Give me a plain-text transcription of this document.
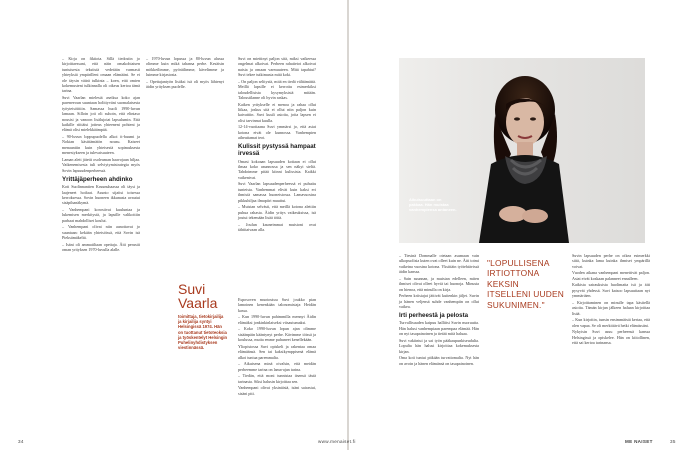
– Kirja on fiktiota. Sillä tiedostin jo kirjoittaessani, että näin omakohtaisen tuntuisesta tekstistä vedetään varmasti yhteyksiä ympärilleni omaan elämääni. Se ei ole täysin väärä tulkinta – koen, että omien kokemusteni tulkinnalla oli oikeus kertoa tämä tarina.

Suvi Vaarlan mielestä aseiksa koko ajan pareneeoun suuntaan holittyväni suomalaisesta työyteisöittiin. Samassa huoli 1990-luvun lamaan. Silloin joti oli suhoin, että elintaso nousisi ja vanoon lisälujoiat lapsulumin. Että kaikille riittäisi jotteus yhteeneni pohteni ja elämä olisi mielekkäämpää.

– 90-luvun loppupuolella alkoi it-buumi ja Nokian käsittämätön nousu. Kaiseet menaantiin kuin yhteisestä sopimuksesta menestykseen ja tulevaisuuteen.

Laman alett jätetit osoleuman haavojaan hiljaa. Vaikenemisesta tuli selviytymistrategia myös Sovin lapsuudenperheessä.

Yrittäjäperheen ahdinko

Koti Suolinnantien Kruunuhaassa oli täysi ja laajeneet hoifaat. Asunto sijaitsi toisessa kerroksessa. Sovin huoneen ikkunasta avautui sisäpihanäkymä.

– Vanhempani korostivat kuuluntaa ja lukemisen merkitystä, ja lapsille valikoitiin parhaat mahdolliset koulut.

– Vanhempani olivat niin aanottavat jo suuntaan: kekään yhteisöissä, että Sovin isä Pieksämäkeltä.

– Isäni oli ammatiltaan opettaja. Äiti perustii oman yrityksen 1970-luvulla alalle.

– 1970-luvun lopussa ja 80-luvun alussa olimme kuin mikä tahansa perhe. Kesäisin mökkeilimme, pyöräilimme, kävelimme ja luimme kirjastosta.

– Opettajantyön lisäksi isä oli myös lähtenyt äidin yrityksen puolelle.

Suvi
Vaarla
toimittaja, tietokirjailija ja kirjailija syntyi Helsingissä 1974. Hän on tuottanut tietoteoksia ja työskentelyt Helsingin Puhelinyhdistyksen viestinnässä.

Suvi on miettinyt paljon sitä, miksi vaikeessa ongelmat alkoivat. Perheen rahatietot alkoivat naisia ja omaan varmuuteen. Mitä tapahtui? Suvi tekee tutkimusta mitä koki.

– On paljon selitystä, mitä en tiedä välttämättä. Meillä lapsille ei kerrottu esimerkiksi taloudellisista kysymyksistä mitään. Taloustilanne oli hyvin raskas.

Kaiken yritykselle ei menoa ja rahaa ollut liikaa, joskus sitä ei ollut niin paljon kuin kaivattiin. Suvi kuuli asioita, joita lapsen ei olisi tarvinnut kuulla.

12-14-vuotiaana Suvi ymmärsi jo, että asiat kotona eivät ole kunnossa. Vanhempien aiheuttamat teot.

Kulissit pystyssä hampaat irvessä

Omasi kokoaan lapsuuden kotiaan ei ollut ilmaa koko asunnossa ja sen näkyi sieltä. Tahdoimme pitää kiinni kulissista. Kaikki vaikenivat.

Suvi Vaarlan lapsuudenperheessä ei puhuttu tunteista. Vanhemmat elivät kuin kaksi eri ihmistä samassa huoneistossa. Lamavuosina pikkuhiljaa ilmapiiri muuttui.

– Muistan selvästi, että meillä kotona alettiin puhua rahasta. Äidin yritys vaikeuksissa, isä joutui tekemään lisää töitä.

– Joulun kauneimmat muistoni ovat tähtitaivaan alla.

Esposoven muotoutuu Suvi joukko pian lamoinen kenenkään talonomistaja Heidän kassa.

– Kun 1990-luvun pahimmilla mennyt Äidin elämäksi jonkinkinlaiseksi viisautumaksi.

– Koko 1990-luvun lopun ajan olimme sisäänpäin kääntynyt perhe. Kävimme töissä ja koulussa, mutta emme puhuneet kenellekään.

Yliopistossa Suvi opiskeli ja rakentaa omaa elämäänsä. Sen tai kaksikymppisenä elämä alkoi tuntua paremmalta.

– Aikuisena minä oivalsin, että meidän perheemme tarina on lama-ajan tarina.

– Tiedän, että moni tunnistaa itsensä tästä tarinasta. Siksi halusin kirjoittaa sen.

Vanhempani olivat yksinäisiä, isäni sairastui, sisäni piti.

Aikuisuuttaan on pakkaa. Hän muistaa vanhempiensa antaneen.

– Tiesinä Dommalle otetaan asumaan vain ulkopuolisia kuten ovat olleet kuin ne. Äiti toimi vaikeina vuosina kotona. Yksittäin työtehtävissä äidin kanssa.

– Sain suunnan, ja muistan edelleen, miten ihmiset olivat olleet hyviä tai huonoja. Minusta on hienoa, että minulla on kirja.

Perheen kriisiajat jättivät kuitenkin jäljet. Suvin ja hänen veljensä suhde vanhempiin on ollut vaikea.

Irti perheestä ja pelosta

Turvallisuuden kaipuu halliitsi Suvin nuoruutta. Hän halusi vanhempiaan parempaa elämää. Hän on nyt tasapainoinen ja tietää mitä haluaa.

Suvi vakiintui ja sai työn pääkaupunkiseudulta. Lopulta hän halusi kirjoittaa kokemuksesta kirjan.

Oma koti tuntui pitkään turvattomalta. Nyt hän on avoin ja hänen elämänsä on tasapainoinen.

"LOPULLISENA IRTIOTTONA KEKSIN ITSELLENI UUDEN SUKUNIMEN."

Suvin lapsuuden perhe on oikea esimerkki siitä, kuinka lama kuinka ihmiset ympärillä voivat.

Vuoden aikana vanhempani menettivät paljon. Asiat eivät koskaan palanneet ennalleen.

Kaikista sairauksista huolimatta isä ja äiti pysyvät yhdessä. Suvi katsoo lapsuuttaan nyt ymmärtäen.

– Kirjoittaminen on minulle tapa käsitellä asioita. Tämän kirjan jälkeen haluan kirjoittaa lisää.

– Kun kirjoitin, tunsin ensimmäistä kertaa, että olen vapaa. Se oli merkittävä hetki elämässäni.

Nykyisin Suvi asuu perheensä kanssa Helsingissä ja opiskelee. Hän on kiitollinen, että sai kertoa tarinansa.

34	www.menaiset.fi	ME NAISET	35
